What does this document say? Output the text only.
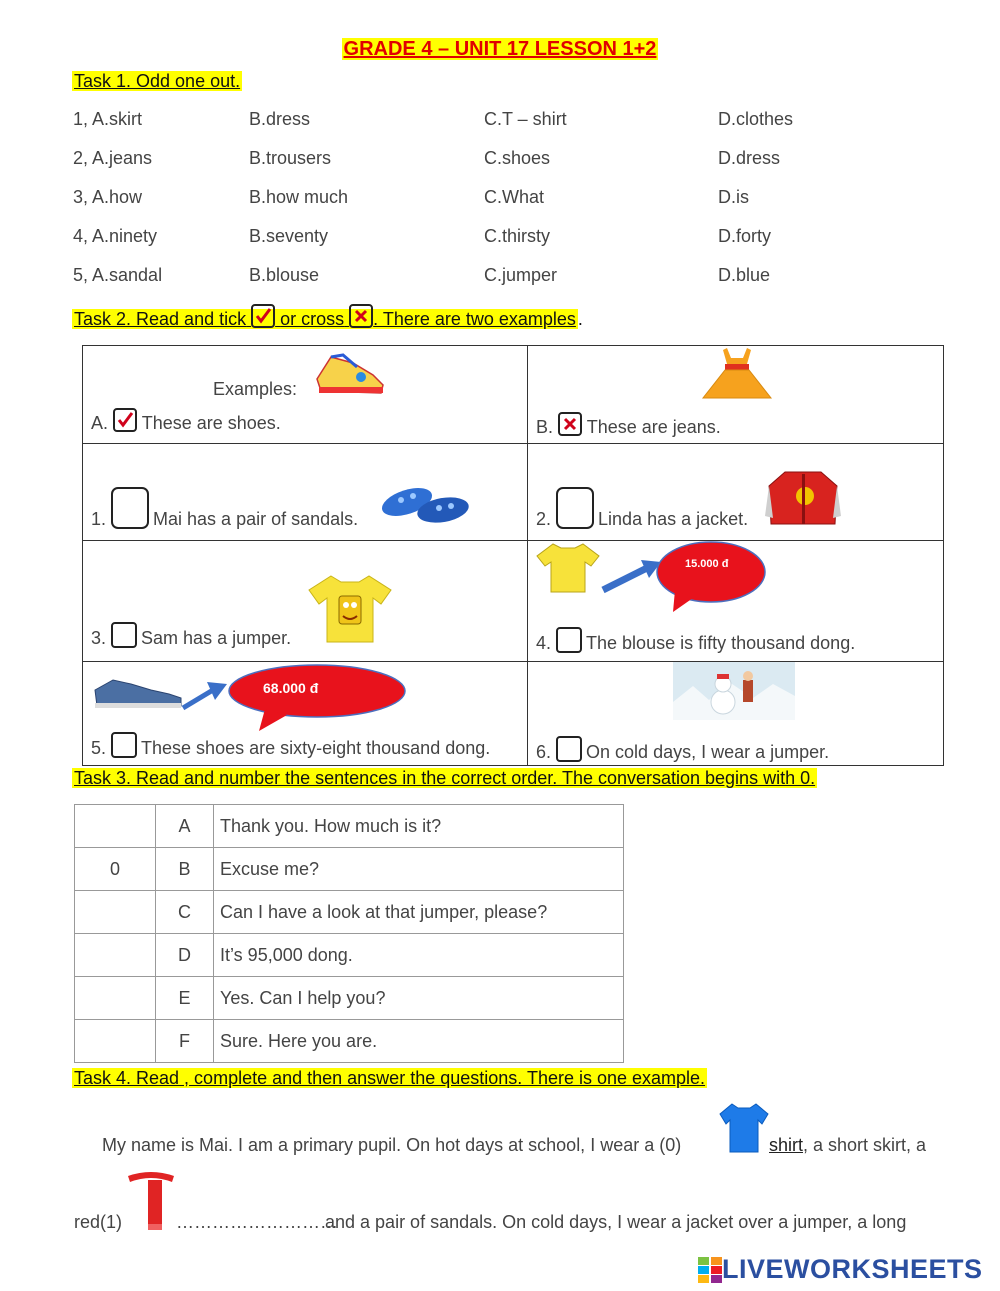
GRADE 4 – UNIT 17 LESSON 1+2
Task 1. Odd one out.
1, A.skirt	B.dress	C.T – shirt	D.clothes
2, A.jeans	B.trousers	C.shoes	D.dress
3, A.how	B.how much	C.What	D.is
4, A.ninety	B.seventy	C.thirsty	D.forty
5, A.sandal	B.blouse	C.jumper	D.blue
Task 2. Read and tick or cross . There are two examples .
Examples:
A. These are shoes.	B. These are jeans.
1.	Mai has a pair of sandals.	2.	Linda has a jacket.
3. Sam has a jumper.
15.000 đ
4. The blouse is fifty thousand dong.
68.000 đ
5. These shoes are sixty-eight thousand dong.	6. On cold days, I wear a jumper.
Task 3. Read and number the sentences in the correct order. The conversation begins with 0.
	A	Thank you. How much is it?
0	B	Excuse me?
	C	Can I have a look at that jumper, please?
	D	It’s 95,000 dong.
	E	Yes. Can I help you?
	F	Sure. Here you are.
Task 4. Read , complete and then answer the questions. There is one example.
My name is Mai. I am a primary pupil. On hot days at school, I wear a (0)	shirt, a short skirt, a
red(1)	………………………
and a pair of sandals. On cold days, I wear a jacket over a jumper, a long
LIVEWORKSHEETS
